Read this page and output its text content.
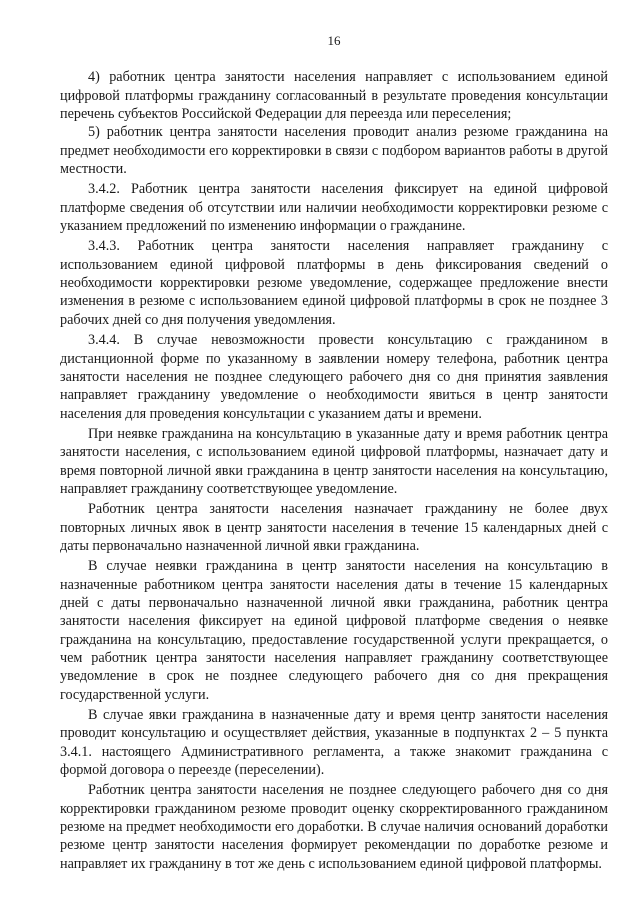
16

4) работник центра занятости населения направляет с использованием единой цифровой платформы гражданину согласованный в результате проведения консультации перечень субъектов Российской Федерации для переезда или переселения;

5) работник центра занятости населения проводит анализ резюме гражданина на предмет необходимости его корректировки в связи с подбором вариантов работы в другой местности.

3.4.2. Работник центра занятости населения фиксирует на единой цифровой платформе сведения об отсутствии или наличии необходимости корректировки резюме с указанием предложений по изменению информации о гражданине.

3.4.3. Работник центра занятости населения направляет гражданину с использованием единой цифровой платформы в день фиксирования сведений о необходимости корректировки резюме уведомление, содержащее предложение внести изменения в резюме с использованием единой цифровой платформы в срок не позднее 3 рабочих дней со дня получения уведомления.

3.4.4. В случае невозможности провести консультацию с гражданином в дистанционной форме по указанному в заявлении номеру телефона, работник центра занятости населения не позднее следующего рабочего дня со дня принятия заявления направляет гражданину уведомление о необходимости явиться в центр занятости населения для проведения консультации с указанием даты и времени.

При неявке гражданина на консультацию в указанные дату и время работник центра занятости населения, с использованием единой цифровой платформы, назначает дату и время повторной личной явки гражданина в центр занятости населения на консультацию, направляет гражданину соответствующее уведомление.

Работник центра занятости населения назначает гражданину не более двух повторных личных явок в центр занятости населения в течение 15 календарных дней с даты первоначально назначенной личной явки гражданина.

В случае неявки гражданина в центр занятости населения на консультацию в назначенные работником центра занятости населения даты в течение 15 календарных дней с даты первоначально назначенной личной явки гражданина, работник центра занятости населения фиксирует на единой цифровой платформе сведения о неявке гражданина на консультацию, предоставление государственной услуги прекращается, о чем работник центра занятости населения направляет гражданину соответствующее уведомление в срок не позднее следующего рабочего дня со дня прекращения государственной услуги.

В случае явки гражданина в назначенные дату и время центр занятости населения проводит консультацию и осуществляет действия, указанные в подпунктах 2 – 5 пункта 3.4.1. настоящего Административного регламента, а также знакомит гражданина с формой договора о переезде (переселении).

Работник центра занятости населения не позднее следующего рабочего дня со дня корректировки гражданином резюме проводит оценку скорректированного гражданином резюме на предмет необходимости его доработки. В случае наличия оснований доработки резюме центр занятости населения формирует рекомендации по доработке резюме и направляет их гражданину в тот же день с использованием единой цифровой платформы.
